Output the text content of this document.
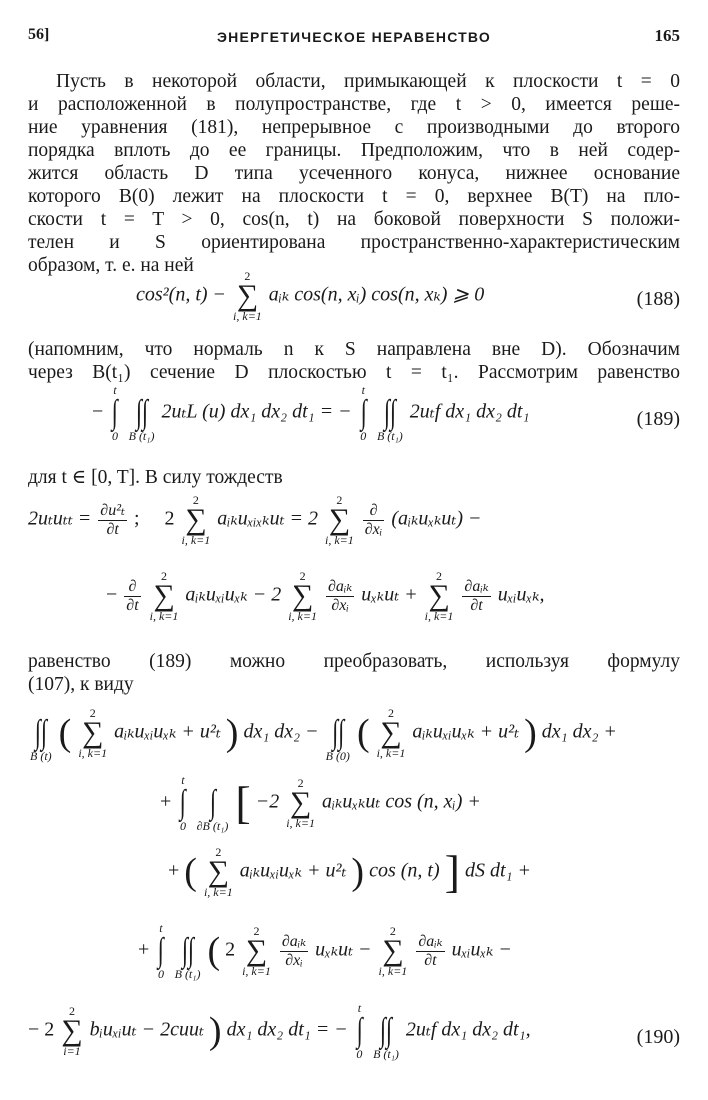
56]	ЭНЕРГЕТИЧЕСКОЕ НЕРАВЕНСТВО	165
Пусть в некоторой области, примыкающей к плоскости t = 0
и расположенной в полупространстве, где t > 0, имеется реше-
ние уравнения (181), непрерывное с производными до второго
порядка вплоть до ее границы. Предположим, что в ней содер-
жится область D типа усеченного конуса, нижнее основание
которого B(0) лежит на плоскости t = 0, верхнее B(T) на пло-
скости t = T > 0, cos(n, t) на боковой поверхности S положи-
телен и S ориентирована пространственно-характеристическим
образом, т. е. на ней
cos²(n, t) −
2
∑
i, k=1
aᵢₖ cos(n, xᵢ) cos(n, xₖ) ⩾ 0	(188)
(напомним, что нормаль n к S направлена вне D). Обозначим
через B(t₁) сечение D плоскостью t = t₁. Рассмотрим равенство
−
t
∫
0

∫∫
B (t₁)
2uₜL (u) dx₁ dx₂ dt₁ = −
t
∫
0

∫∫
B (t₁)
2uₜf dx₁ dx₂ dt₁	(189)
для t ∈ [0, T]. В силу тождеств
$2u_tu_{tt} = \frac{\text{∂u²ₜ}}{\partial t}$ ; 2
2
∑
i, k=1
aᵢₖuₓᵢₓₖuₜ = 2
2
∑
i, k=1

$\frac{\partial}{\text{∂xᵢ}}$ (aᵢₖuₓₖuₜ) −
− $\frac{\partial}{\partial t}$

2
∑
i, k=1
aᵢₖuₓᵢuₓₖ − 2
2
∑
i, k=1

$\frac{\text{∂aᵢₖ}}{\text{∂xᵢ}}$ uₓₖuₜ +
2
∑
i, k=1

$\frac{\text{∂aᵢₖ}}{\partial t}$ uₓᵢuₓₖ,
равенство (189) можно преобразовать, используя формулу
(107), к виду

∫∫
B (t)
(	2
∑
i, k=1
aᵢₖuₓᵢuₓₖ + u²ₜ ) dx₁ dx₂ −
∫∫
B (0)
(	2
∑
i, k=1
aᵢₖuₓᵢuₓₖ + u²ₜ ) dx₁ dx₂ +
+
t
∫
0

∫
∂B (t₁) [ −2
2
∑
i, k=1
aᵢₖuₓₖuₜ cos (n, xᵢ) +
+ (	2
∑
i, k=1
aᵢₖuₓᵢuₓₖ + u²ₜ ) cos (n, t) ] dS dt₁ +
+
t
∫
0

∫∫
B (t₁)
( 2
2
∑
i, k=1

$\frac{\text{∂aᵢₖ}}{\text{∂xᵢ}}$ uₓₖuₜ −
2
∑
i, k=1

$\frac{\text{∂aᵢₖ}}{\partial t}$ uₓᵢuₓₖ −
− 2
2
∑
i=1
bᵢuₓᵢuₜ − 2cuuₜ ) dx₁ dx₂ dt₁ = −
t
∫
0

∫∫
B (t₁)
2uₜf dx₁ dx₂ dt₁,	(190)
